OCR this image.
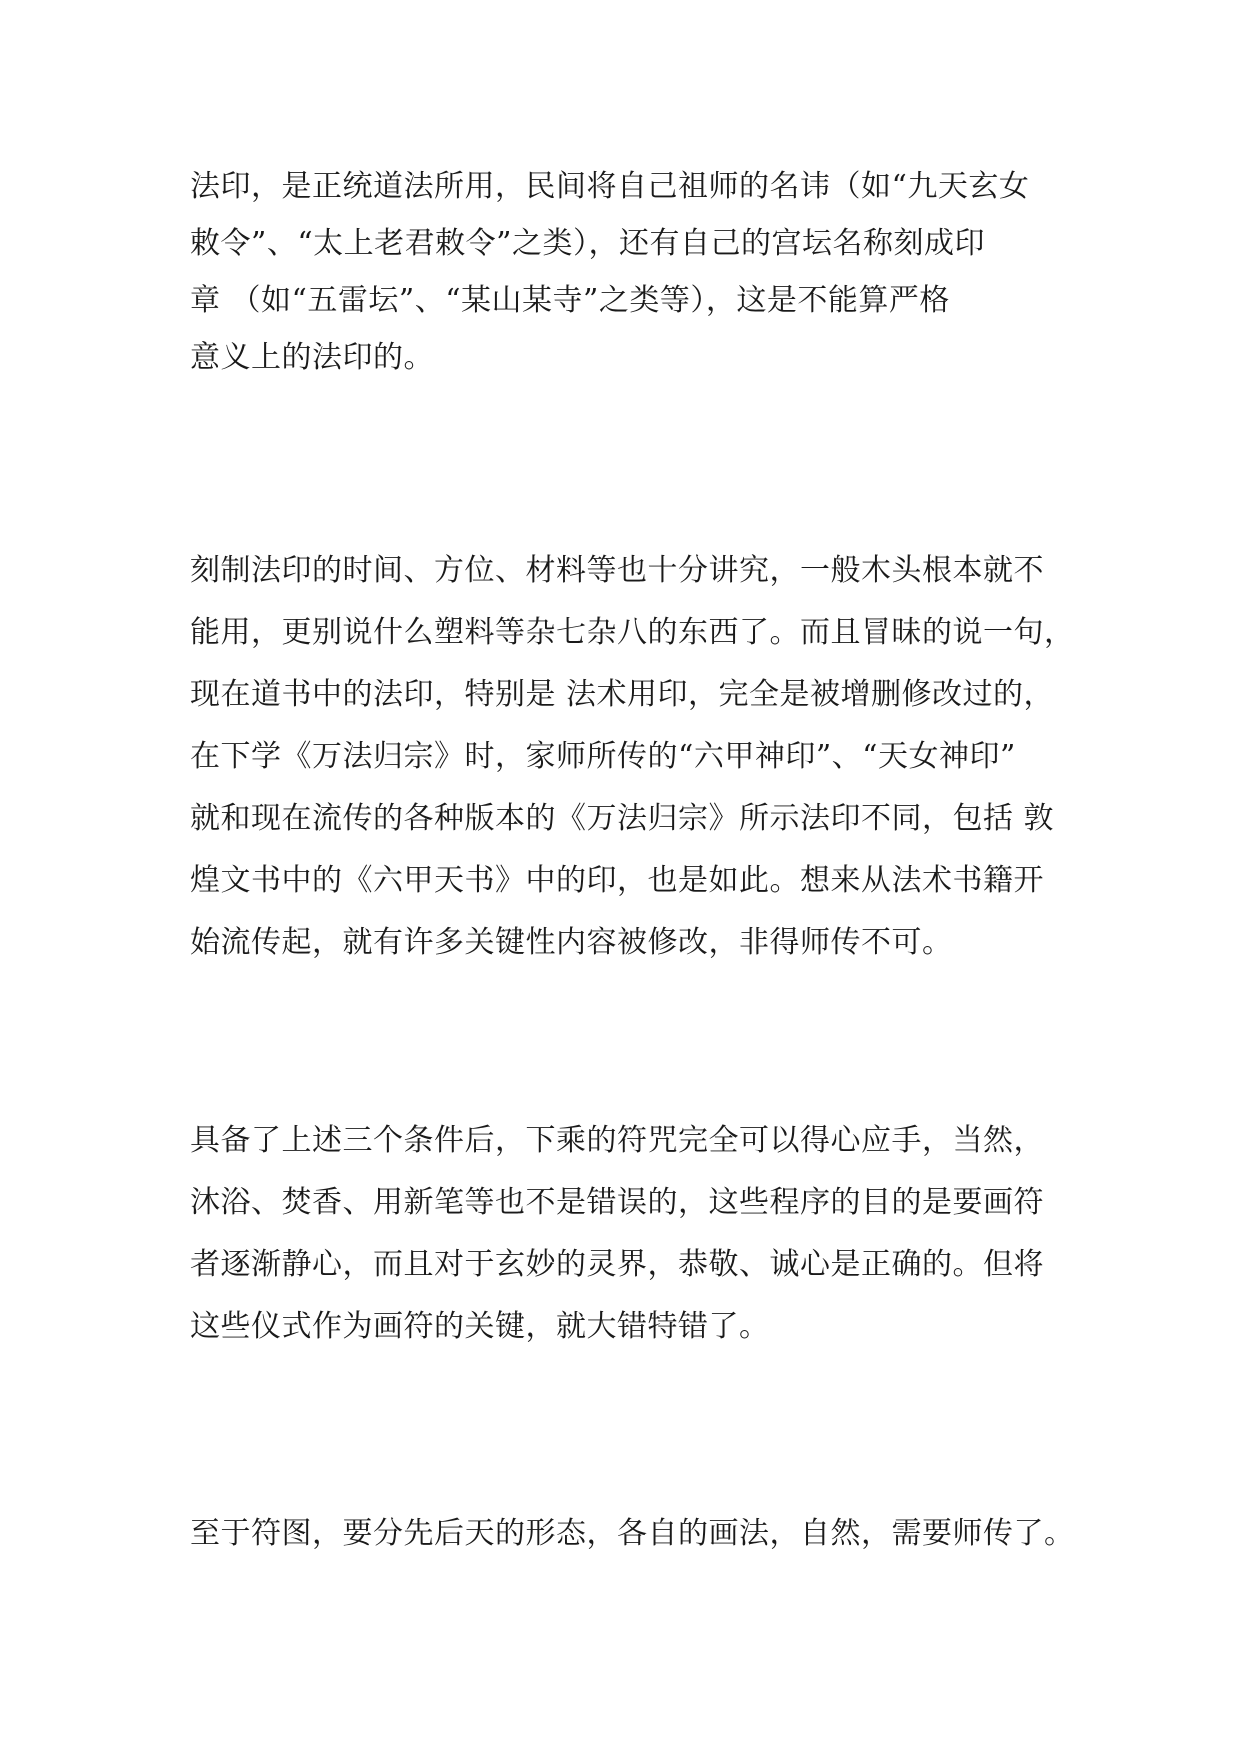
法印，是正统道法所用，民间将自己祖师的名讳（如“九天玄女
敕令”、“太上老君敕令”之类），还有自己的宫坛名称刻成印
章 （如“五雷坛”、“某山某寺”之类等），这是不能算严格
意义上的法印的。
刻制法印的时间、方位、材料等也十分讲究，一般木头根本就不
能用，更别说什么塑料等杂七杂八的东西了。而且冒昧的说一句，
现在道书中的法印，特别是 法术用印，完全是被增删修改过的，
在下学《万法归宗》时，家师所传的“六甲神印”、“天女神印”
就和现在流传的各种版本的《万法归宗》所示法印不同，包括 敦
煌文书中的《六甲天书》中的印，也是如此。想来从法术书籍开
始流传起，就有许多关键性内容被修改，非得师传不可。
具备了上述三个条件后，下乘的符咒完全可以得心应手，当然，
沐浴、焚香、用新笔等也不是错误的，这些程序的目的是要画符
者逐渐静心，而且对于玄妙的灵界，恭敬、诚心是正确的。但将
这些仪式作为画符的关键，就大错特错了。
至于符图，要分先后天的形态，各自的画法，自然，需要师传了。
